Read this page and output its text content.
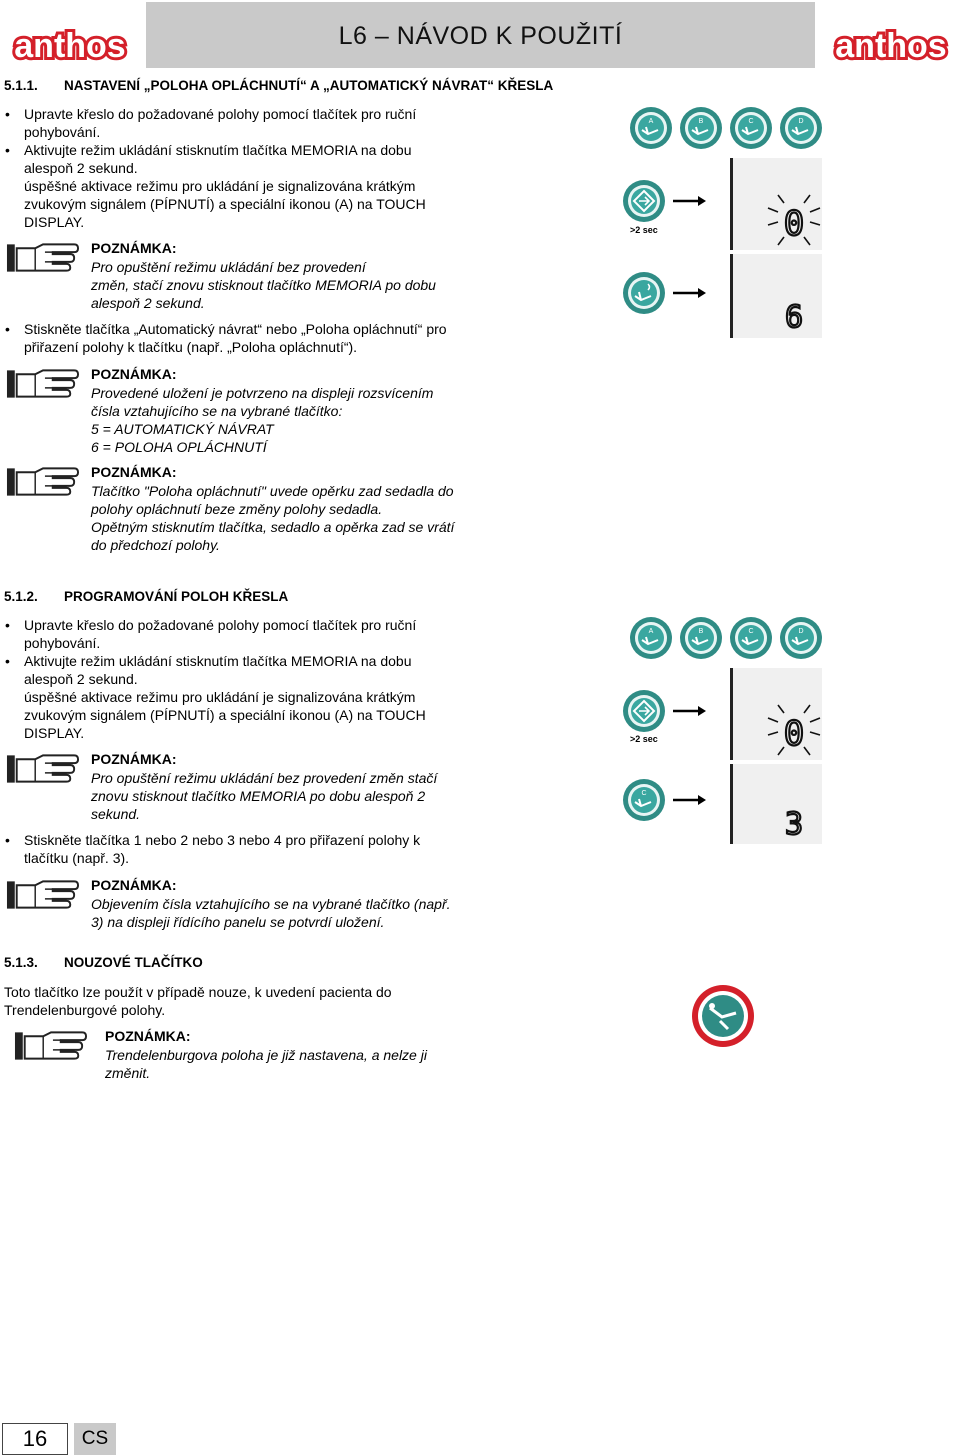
anthos	anthos
L6 – NÁVOD K POUŽITÍ
5.1.1. NASTAVENÍ „POLOHA OPLÁCHNUTÍ“ A „AUTOMATICKÝ NÁVRAT“ KŘESLA
• Upravte křeslo do požadované polohy pomocí tlačítek pro ruční
pohybování.
• Aktivujte režim ukládání stisknutím tlačítka MEMORIA na dobu
alespoň 2 sekund.
úspěšné aktivace režimu pro ukládání je signalizována krátkým
zvukovým signálem (PÍPNUTÍ) a speciální ikonou (A) na TOUCH
DISPLAY.
POZNÁMKA:
Pro opuštění režimu ukládání bez provedení
změn, stačí znovu stisknout tlačítko MEMORIA po dobu
alespoň 2 sekund.
• Stiskněte tlačítka „Automatický návrat“ nebo „Poloha opláchnutí“ pro
přiřazení polohy k tlačítku (např. „Poloha opláchnutí“).
POZNÁMKA:
Provedené uložení je potvrzeno na displeji rozsvícením
čísla vztahujícího se na vybrané tlačítko:
5 = AUTOMATICKÝ NÁVRAT
6 = POLOHA OPLÁCHNUTÍ
POZNÁMKA:
Tlačítko "Poloha opláchnutí" uvede opěrku zad sedadla do
polohy opláchnutí beze změny polohy sedadla.
Opětným stisknutím tlačítka, sedadlo a opěrka zad se vrátí
do předchozí polohy.
A	B	C	D
>2 sec	0
6
5.1.2. PROGRAMOVÁNÍ POLOH KŘESLA
• Upravte křeslo do požadované polohy pomocí tlačítek pro ruční
pohybování.
• Aktivujte režim ukládání stisknutím tlačítka MEMORIA na dobu
alespoň 2 sekund.
úspěšné aktivace režimu pro ukládání je signalizována krátkým
zvukovým signálem (PÍPNUTÍ) a speciální ikonou (A) na TOUCH
DISPLAY.
POZNÁMKA:
Pro opuštění režimu ukládání bez provedení změn stačí
znovu stisknout tlačítko MEMORIA po dobu alespoň 2
sekund.
• Stiskněte tlačítka 1 nebo 2 nebo 3 nebo 4 pro přiřazení polohy k
tlačítku (např. 3).
POZNÁMKA:
Objevením čísla vztahujícího se na vybrané tlačítko (např.
3) na displeji řídícího panelu se potvrdí uložení.
A	B	C	D
>2 sec	0
C
3
5.1.3. NOUZOVÉ TLAČÍTKO
Toto tlačítko lze použít v případě nouze, k uvedení pacienta do
Trendelenburgové polohy.
POZNÁMKA:
Trendelenburgova poloha je již nastavena, a nelze ji
změnit.
16	CS
